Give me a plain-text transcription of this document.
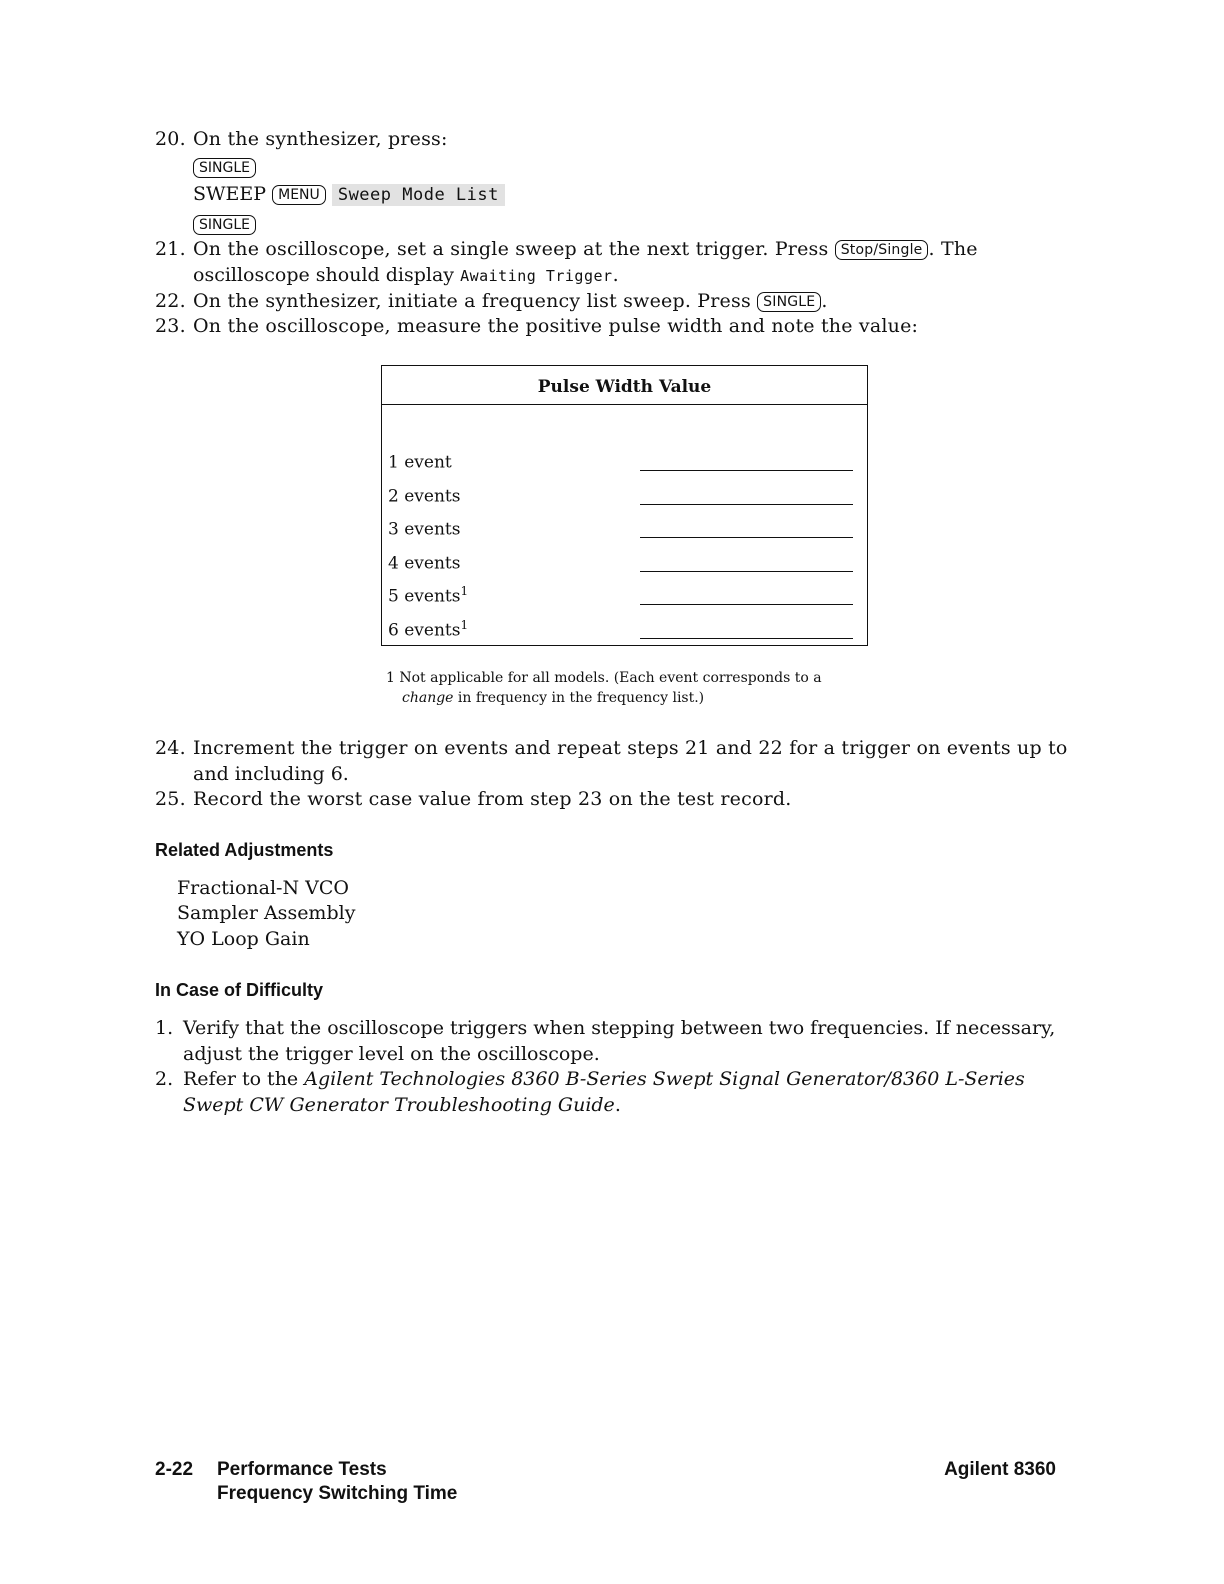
20. On the synthesizer, press:
SINGLE
SWEEP MENU Sweep Mode List
SINGLE
21. On the oscilloscope, set a single sweep at the next trigger. Press Stop/Single . The
oscilloscope should display Awaiting Trigger.
22. On the synthesizer, initiate a frequency list sweep. Press SINGLE .
23. On the oscilloscope, measure the positive pulse width and note the value:
Pulse Width Value
1 event
2 events
3 events
4 events
5 events$^1$
6 events$^1$
1 Not applicable for all models. (Each event corresponds to a
change in frequency in the frequency list.)
24. Increment the trigger on events and repeat steps 21 and 22 for a trigger on events up to
and including 6.
25. Record the worst case value from step 23 on the test record.
Related Adjustments
Fractional-N VCO
Sampler Assembly
YO Loop Gain
In Case of Difficulty
1. Verify that the oscilloscope triggers when stepping between two frequencies. If necessary,
adjust the trigger level on the oscilloscope.
2. Refer to the Agilent Technologies 8360 B-Series Swept Signal Generator/8360 L-Series
Swept CW Generator Troubleshooting Guide.
2-22 Performance Tests
Frequency Switching Time
Agilent 8360
